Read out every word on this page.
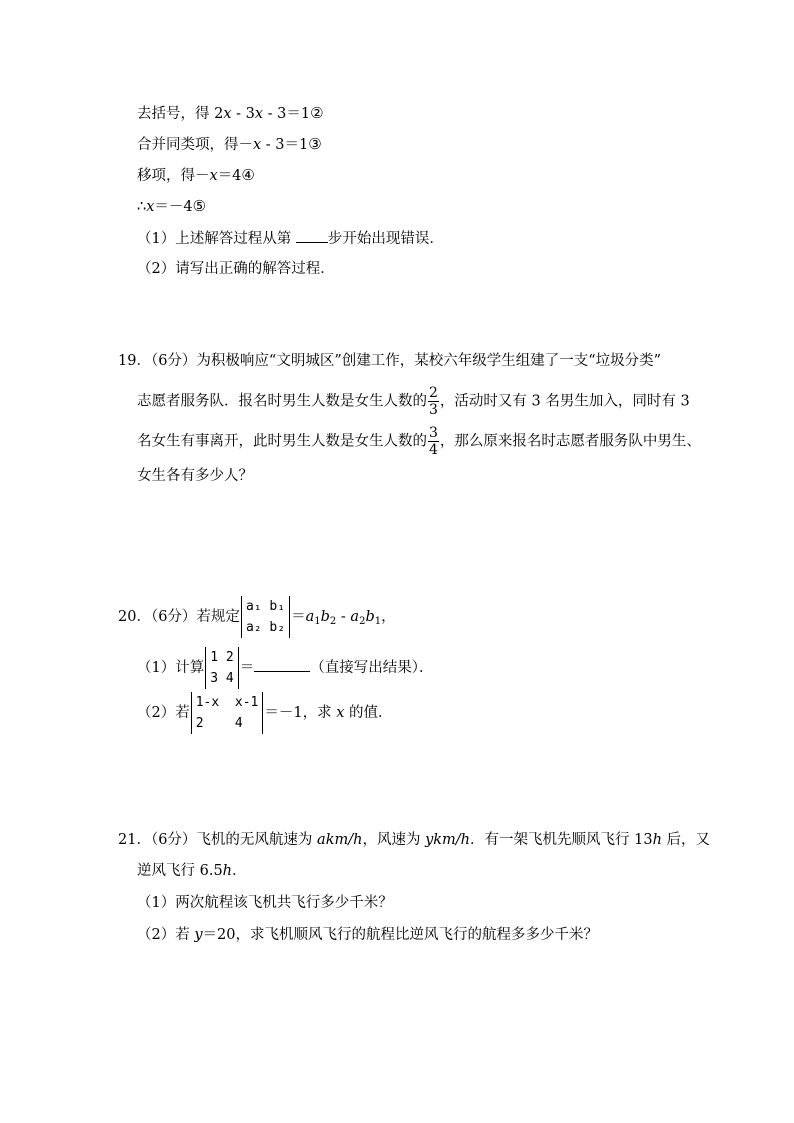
去括号，得 2x - 3x - 3＝1②
合并同类项，得－x - 3＝1③
移项，得－x＝4④
∴x＝－4⑤
（1）上述解答过程从第 步开始出现错误．
（2）请写出正确的解答过程．
19．（6分）为积极响应“文明城区”创建工作，某校六年级学生组建了一支“垃圾分类”
志愿者服务队．报名时男生人数是女生人数的 $\frac{2}{3}$ ，活动时又有 3 名男生加入，同时有 3
名女生有事离开，此时男生人数是女生人数的 $\frac{3}{4}$ ，那么原来报名时志愿者服务队中男生、
女生各有多少人？
20．（6分）若规定
a₁ b₁
a₂ b₂
$=a_1b_2 - a_2b_1$，
（1）计算
1 2
3 4
＝	（直接写出结果）．
（2）若
1-x  x-1
2    4
＝－1，求 x 的值．
21．（6分）飞机的无风航速为 akm/h，风速为 ykm/h．有一架飞机先顺风飞行 13h 后，又
逆风飞行 6.5h．
（1）两次航程该飞机共飞行多少千米？
（2）若 y＝20，求飞机顺风飞行的航程比逆风飞行的航程多多少千米？
